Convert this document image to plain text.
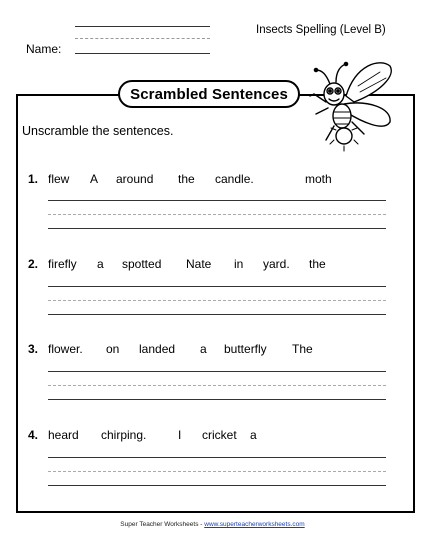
Name:
Insects Spelling (Level B)
Scrambled Sentences
Unscramble the sentences.
1. flew A around the candle.	moth
2. firefly a spotted Nate in yard. the
3. flower. on landed a butterfly The
4. heard chirping.	I cricket a
Super Teacher Worksheets - www.superteacherworksheets.com
